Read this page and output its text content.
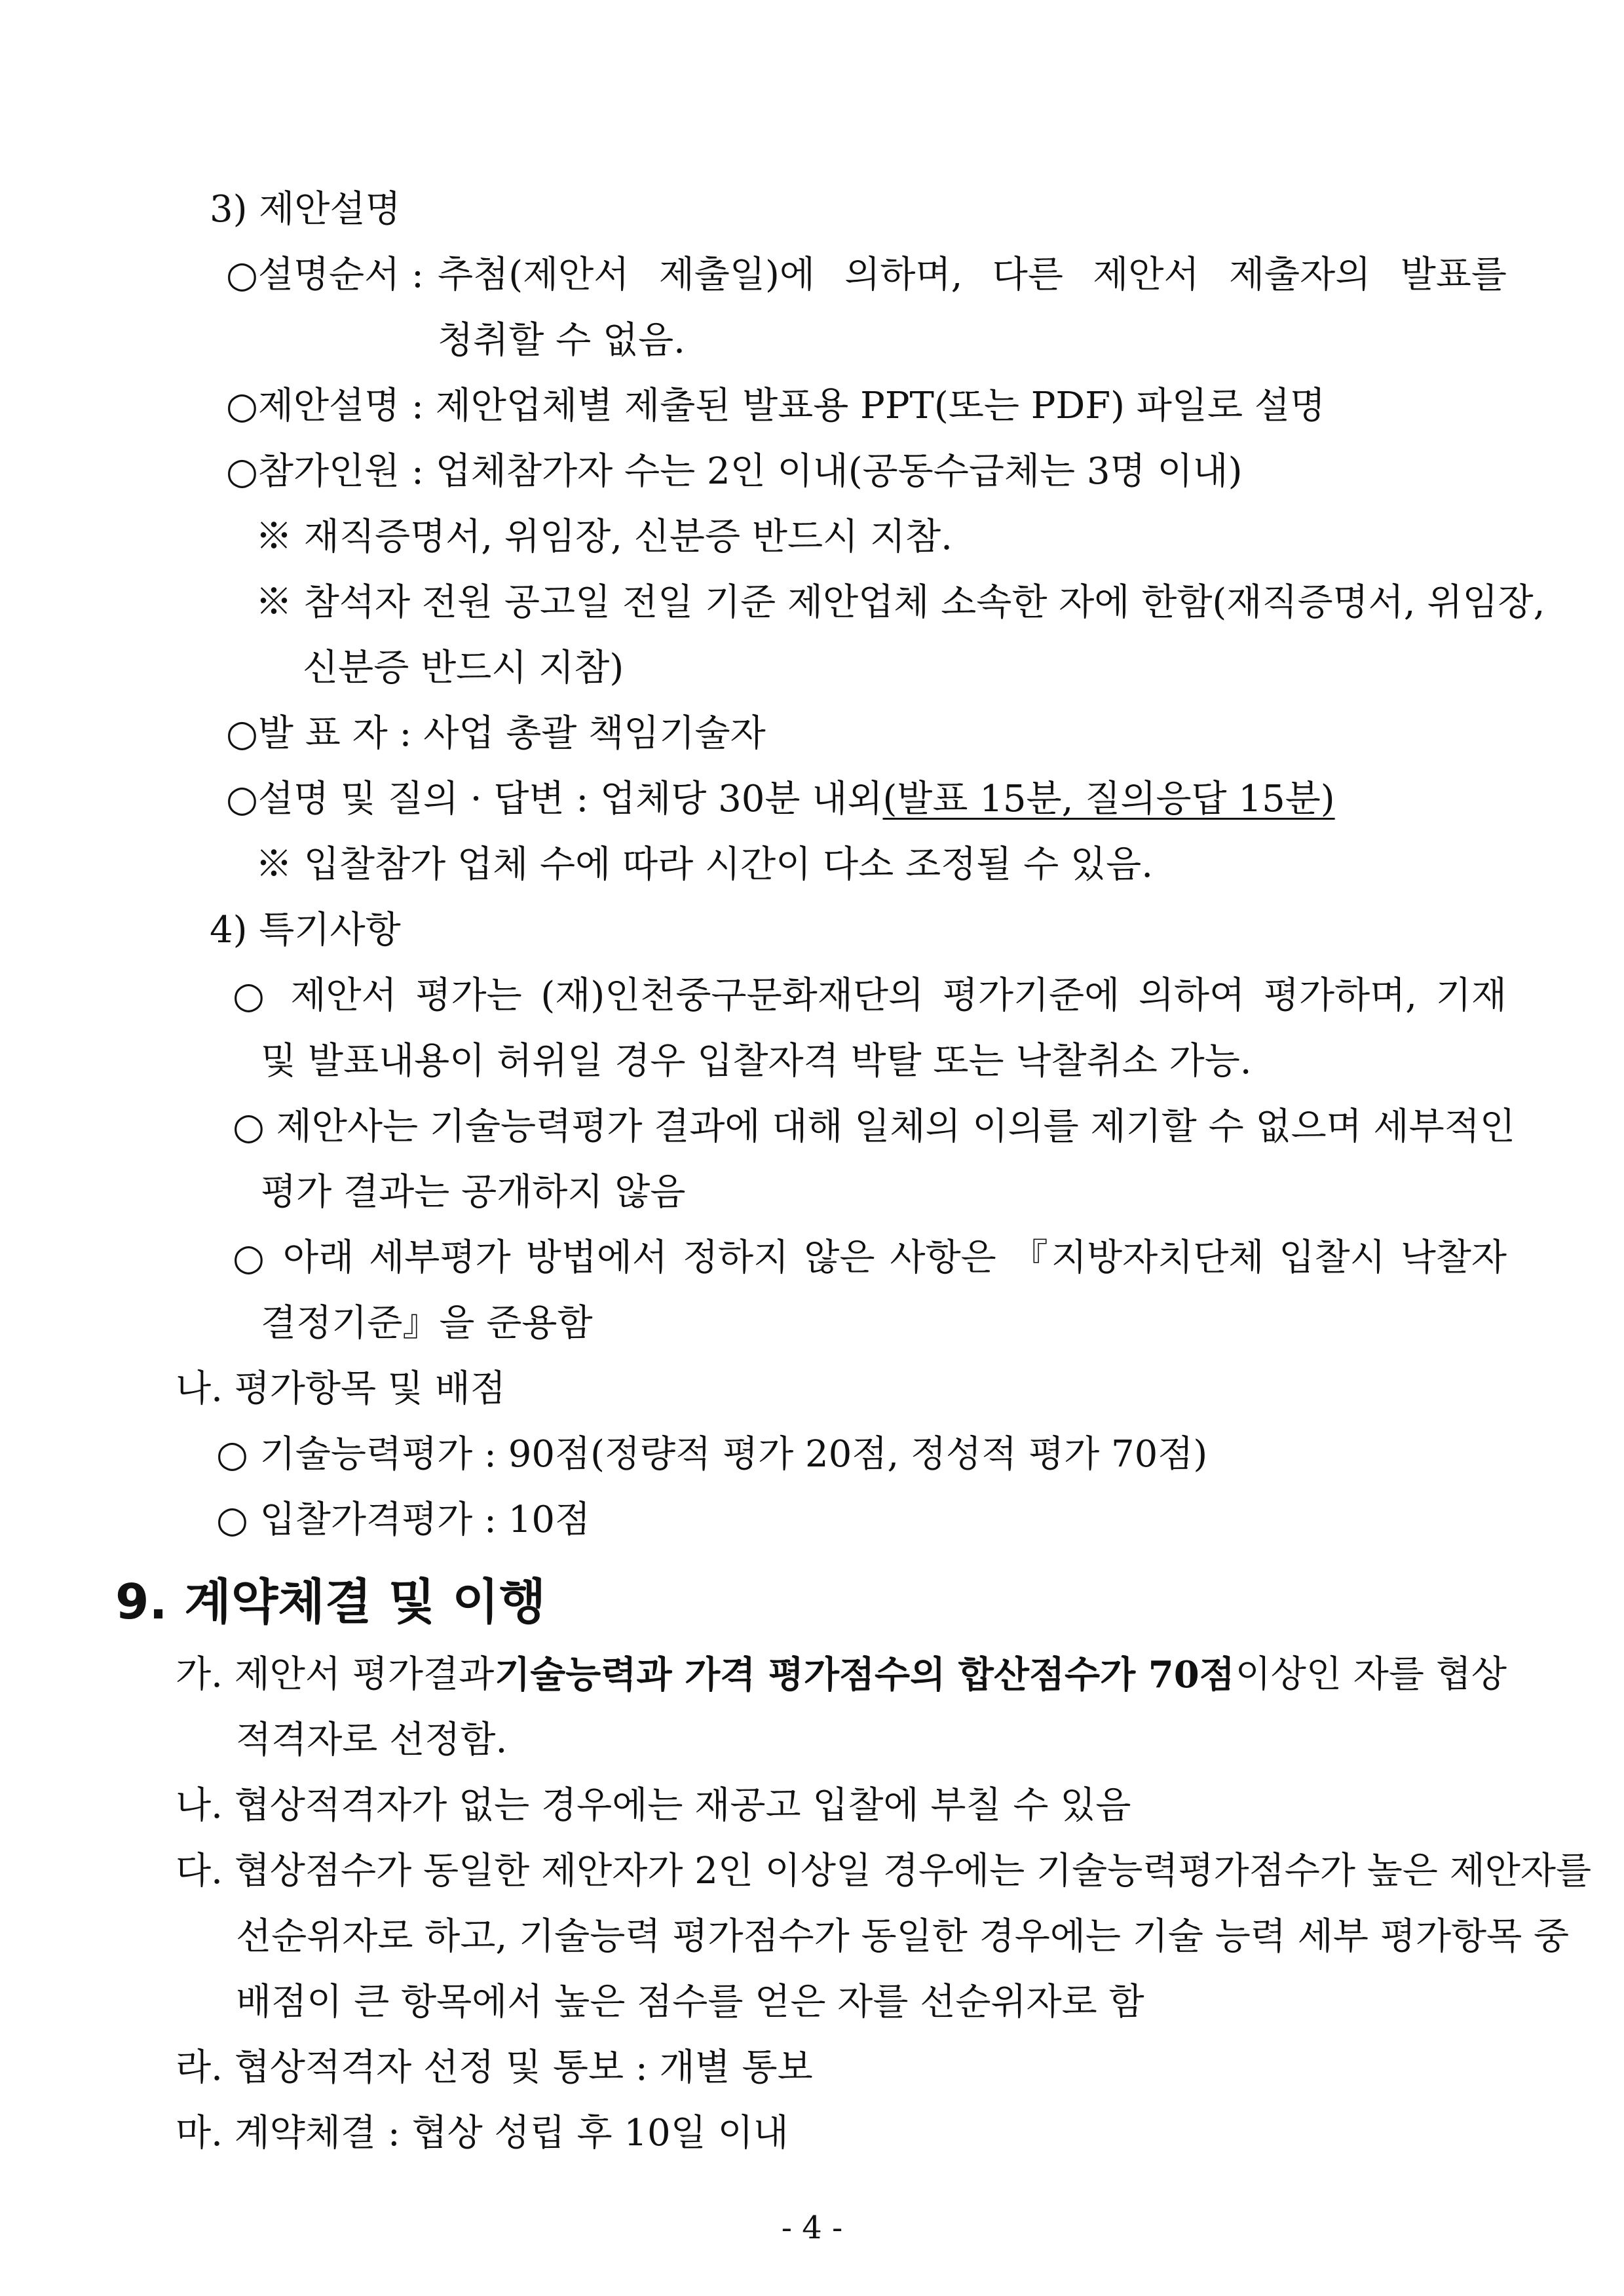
3) 제안설명
○설명순서 : 추첨(제안서 제출일)에 의하며, 다른 제안서 제출자의 발표를
청취할 수 없음.
○제안설명 : 제안업체별 제출된 발표용 PPT(또는 PDF) 파일로 설명
○참가인원 : 업체참가자 수는 2인 이내(공동수급체는 3명 이내)
※ 재직증명서, 위임장, 신분증 반드시 지참.
※ 참석자 전원 공고일 전일 기준 제안업체 소속한 자에 한함(재직증명서, 위임장,
신분증 반드시 지참)
○발 표 자 : 사업 총괄 책임기술자
○설명 및 질의 · 답변 : 업체당 30분 내외(발표 15분, 질의응답 15분)
※ 입찰참가 업체 수에 따라 시간이 다소 조정될 수 있음.
4) 특기사항
○ 제안서 평가는 (재)인천중구문화재단의 평가기준에 의하여 평가하며, 기재
및 발표내용이 허위일 경우 입찰자격 박탈 또는 낙찰취소 가능.
○ 제안사는 기술능력평가 결과에 대해 일체의 이의를 제기할 수 없으며 세부적인
평가 결과는 공개하지 않음
○ 아래 세부평가 방법에서 정하지 않은 사항은 『지방자치단체 입찰시 낙찰자
결정기준』을 준용함
나. 평가항목 및 배점
○ 기술능력평가 : 90점(정량적 평가 20점, 정성적 평가 70점)
○ 입찰가격평가 : 10점
9. 계약체결 및 이행
가. 제안서 평가결과 기술능력과 가격 평가점수의 합산점수가 70점 이상인 자를 협상
적격자로 선정함.
나. 협상적격자가 없는 경우에는 재공고 입찰에 부칠 수 있음
다. 협상점수가 동일한 제안자가 2인 이상일 경우에는 기술능력평가점수가 높은 제안자를
선순위자로 하고, 기술능력 평가점수가 동일한 경우에는 기술 능력 세부 평가항목 중
배점이 큰 항목에서 높은 점수를 얻은 자를 선순위자로 함
라. 협상적격자 선정 및 통보 : 개별 통보
마. 계약체결 : 협상 성립 후 10일 이내
- 4 -
